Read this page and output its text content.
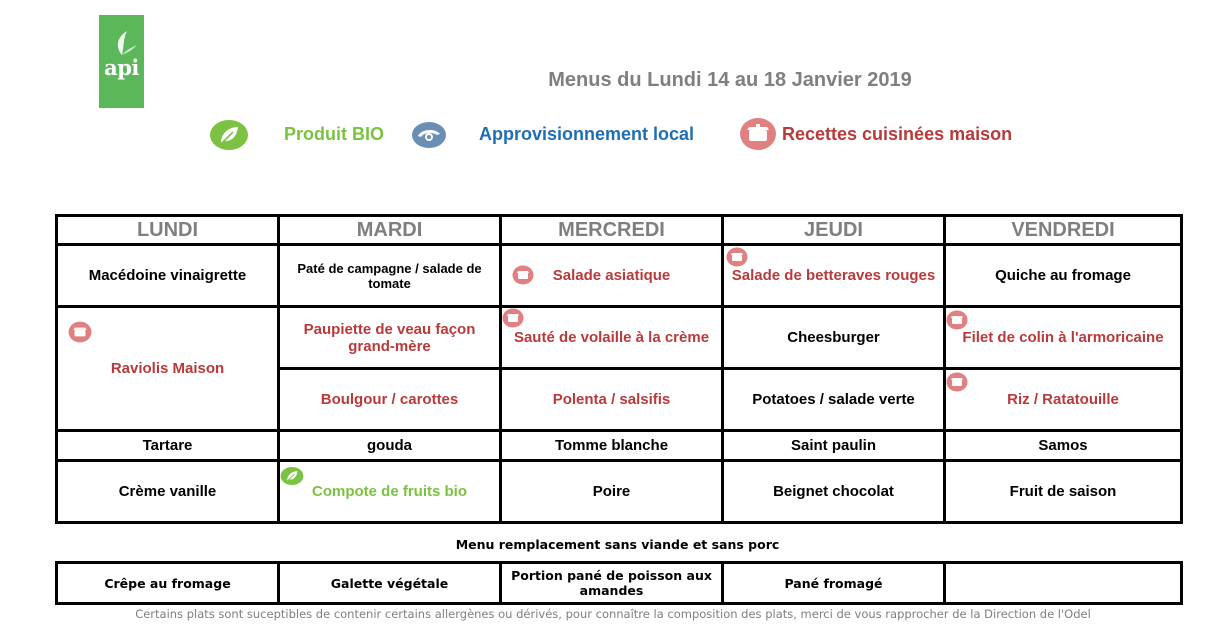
api	Menus du Lundi 14 au 18 Janvier 2019
Produit BIO	Approvisionnement local	Recettes cuisinées maison
LUNDI	MARDI	MERCREDI	JEUDI	VENDREDI
Macédoine vinaigrette	Paté de campagne / salade de tomate	Salade asiatique	Salade de betteraves rouges	Quiche au fromage

Raviolis Maison	Paupiette de veau façon grand-mère	Sauté de volaille à la crème	Cheesburger	Filet de colin à l'armoricaine
	Boulgour / carottes	Polenta / salsifis	Potatoes / salade verte	Riz / Ratatouille
Tartare	gouda	Tomme blanche	Saint paulin	Samos
Crème vanille	Compote de fruits bio	Poire	Beignet chocolat	Fruit de saison
Menu remplacement sans viande et sans porc
Crêpe au fromage	Galette végétale	Portion pané de poisson aux amandes	Pané fromagé	
Certains plats sont suceptibles de contenir certains allergènes ou dérivés, pour connaître la composition des plats, merci de vous rapprocher de la Direction de l'Odel
